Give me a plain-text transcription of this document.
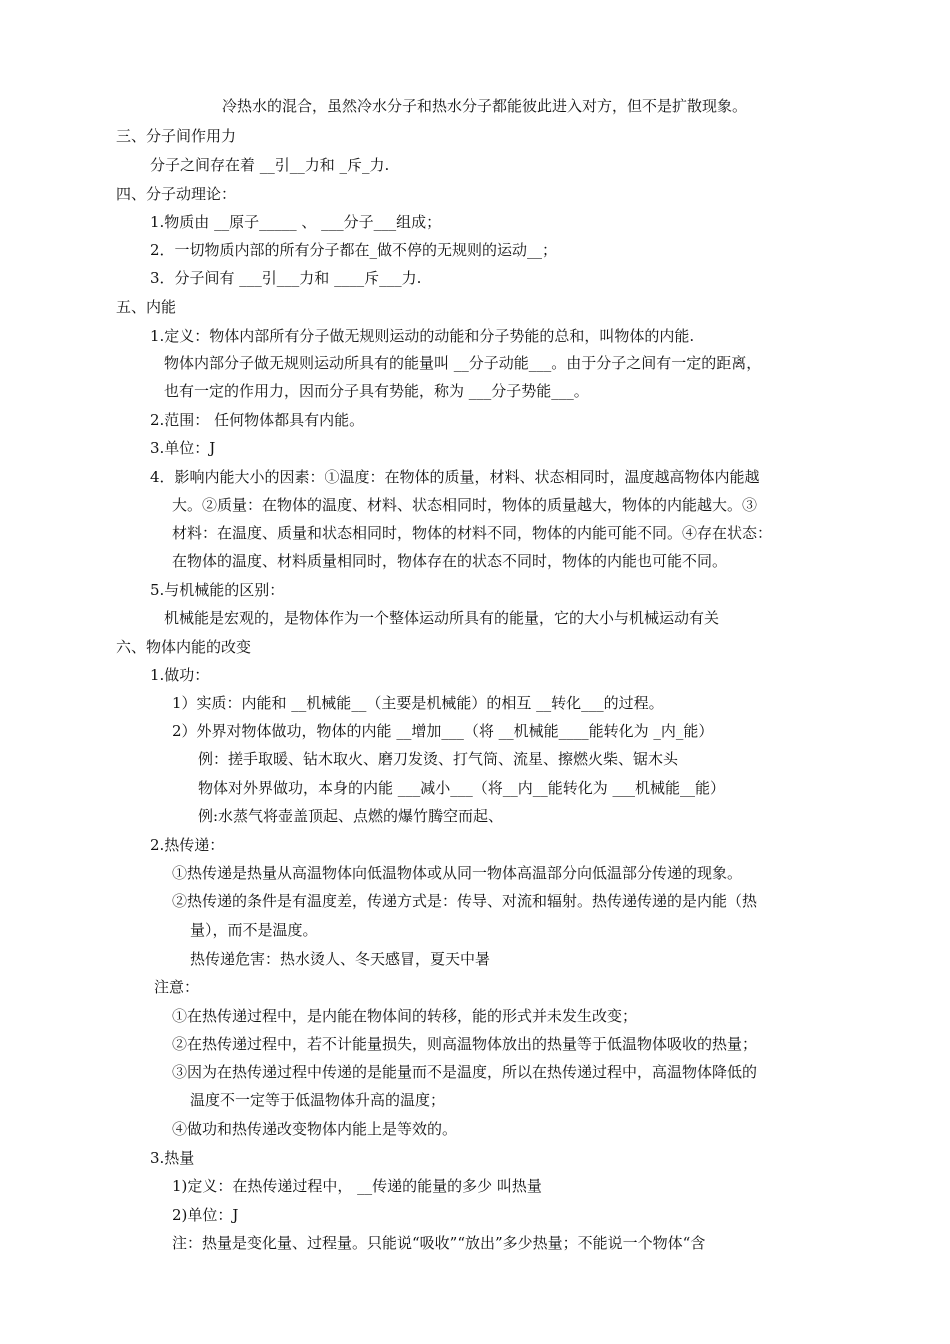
冷热水的混合，虽然冷水分子和热水分子都能彼此进入对方，但不是扩散现象。
三、分子间作用力
分子之间存在着 __引__力和 _斥_力.
四、分子动理论：
1.物质由 __原子_____ 、 ___分子___组成；
2．一切物质内部的所有分子都在_做不停的无规则的运动__；
3．分子间有 ___引___力和 ____斥___力.
五、内能
1.定义：物体内部所有分子做无规则运动的动能和分子势能的总和，叫物体的内能.
物体内部分子做无规则运动所具有的能量叫 __分子动能___。由于分子之间有一定的距离，
也有一定的作用力，因而分子具有势能，称为 ___分子势能___。
2.范围： 任何物体都具有内能。
3.单位：J
4．影响内能大小的因素：①温度：在物体的质量，材料、状态相同时，温度越高物体内能越
大。②质量：在物体的温度、材料、状态相同时，物体的质量越大，物体的内能越大。③
材料：在温度、质量和状态相同时，物体的材料不同，物体的内能可能不同。④存在状态：
在物体的温度、材料质量相同时，物体存在的状态不同时，物体的内能也可能不同。
5.与机械能的区别：
机械能是宏观的，是物体作为一个整体运动所具有的能量，它的大小与机械运动有关
六、物体内能的改变
1.做功：
1）实质：内能和 __机械能__（主要是机械能）的相互 __转化___的过程。
2）外界对物体做功，物体的内能 __增加___（将 __机械能____能转化为 _内_能）
例：搓手取暖、钻木取火、磨刀发烫、打气筒、流星、擦燃火柴、锯木头
物体对外界做功，本身的内能 ___减小___（将__内__能转化为 ___机械能__能）
例:水蒸气将壶盖顶起、点燃的爆竹腾空而起、
2.热传递：
①热传递是热量从高温物体向低温物体或从同一物体高温部分向低温部分传递的现象。
②热传递的条件是有温度差，传递方式是：传导、对流和辐射。热传递传递的是内能（热
量），而不是温度。
热传递危害：热水烫人、冬天感冒，夏天中暑
注意：
①在热传递过程中，是内能在物体间的转移，能的形式并未发生改变；
②在热传递过程中，若不计能量损失，则高温物体放出的热量等于低温物体吸收的热量；
③因为在热传递过程中传递的是能量而不是温度，所以在热传递过程中，高温物体降低的
温度不一定等于低温物体升高的温度；
④做功和热传递改变物体内能上是等效的。
3.热量
1)定义：在热传递过程中， __传递的能量的多少 叫热量
2)单位：J
注：热量是变化量、过程量。只能说“吸收”“放出”多少热量；不能说一个物体“含
